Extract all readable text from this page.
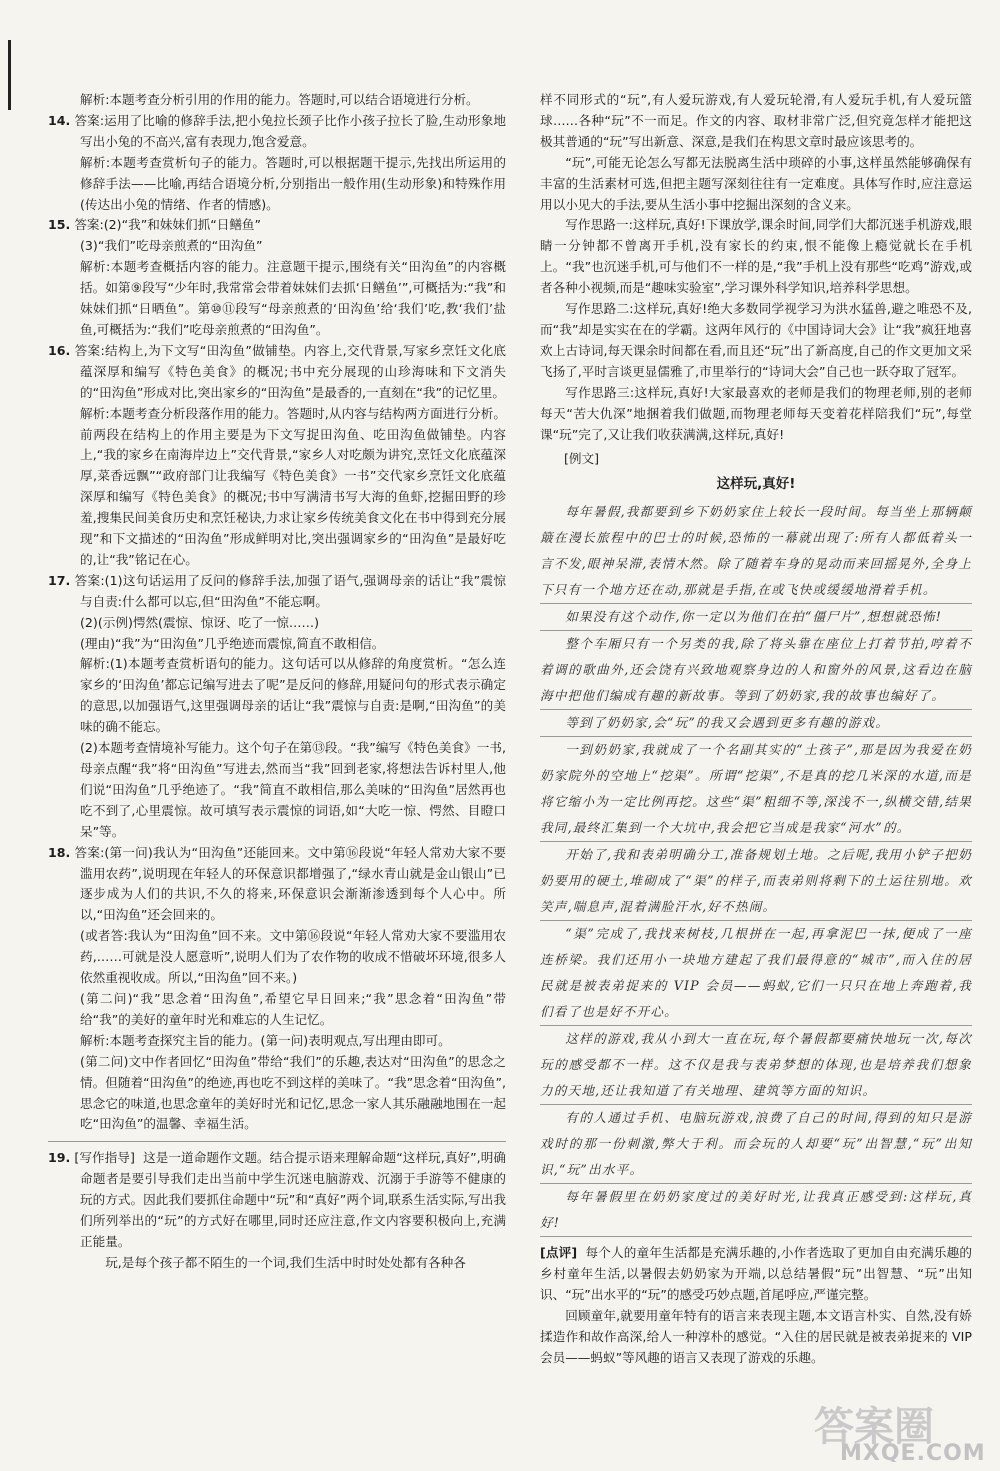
解析:本题考查分析引用的作用的能力。答题时,可以结合语境进行分析。

14. 答案:运用了比喻的修辞手法,把小兔拉长颈子比作小孩子拉长了脸,生动形象地写出小兔的不高兴,富有表现力,饱含爱意。

解析:本题考查赏析句子的能力。答题时,可以根据题干提示,先找出所运用的修辞手法——比喻,再结合语境分析,分别指出一般作用(生动形象)和特殊作用(传达出小兔的情绪、作者的情感)。

15. 答案:(2)“我”和妹妹们抓“日鳝鱼”

(3)“我们”吃母亲煎煮的“田沟鱼”

解析:本题考查概括内容的能力。注意题干提示,围绕有关“田沟鱼”的内容概括。如第⑨段写“少年时,我常常会带着妹妹们去抓‘日鳝鱼’”,可概括为:“我”和妹妹们抓“日晒鱼”。第⑩⑪段写“母亲煎煮的‘田沟鱼’给‘我们’吃,教‘我们’盐鱼,可概括为:“我们”吃母亲煎煮的“田沟鱼”。

16. 答案:结构上,为下文写“田沟鱼”做铺垫。内容上,交代背景,写家乡烹饪文化底蕴深厚和编写《特色美食》的概况;书中充分展现的山珍海味和下文消失的“田沟鱼”形成对比,突出家乡的“田沟鱼”是最香的,一直刻在“我”的记忆里。

解析:本题考查分析段落作用的能力。答题时,从内容与结构两方面进行分析。前两段在结构上的作用主要是为下文写捉田沟鱼、吃田沟鱼做铺垫。内容上,“我的家乡在南海岸边上”交代背景,“家乡人对吃颇为讲究,烹饪文化底蕴深厚,菜香远飘”“政府部门让我编写《特色美食》一书”交代家乡烹饪文化底蕴深厚和编写《特色美食》的概况;书中写满清书写大海的鱼虾,挖掘田野的珍羞,搜集民间美食历史和烹饪秘诀,力求让家乡传统美食文化在书中得到充分展现”和下文描述的“田沟鱼”形成鲜明对比,突出强调家乡的“田沟鱼”是最好吃的,让“我”铭记在心。

17. 答案:(1)这句话运用了反问的修辞手法,加强了语气,强调母亲的话让“我”震惊与自责:什么都可以忘,但“田沟鱼”不能忘啊。

(2)(示例)愕然(震惊、惊讶、吃了一惊……)

(理由)“我”为“田沟鱼”几乎绝迹而震惊,简直不敢相信。

解析:(1)本题考查赏析语句的能力。这句话可以从修辞的角度赏析。“怎么连家乡的‘田沟鱼’都忘记编写进去了呢”是反问的修辞,用疑问句的形式表示确定的意思,以加强语气,这里强调母亲的话让“我”震惊与自责:是啊,“田沟鱼”的美味的确不能忘。

(2)本题考查情境补写能力。这个句子在第⑬段。“我”编写《特色美食》一书,母亲点醒“我”将“田沟鱼”写进去,然而当“我”回到老家,将想法告诉村里人,他们说“田沟鱼”几乎绝迹了。“我”简直不敢相信,那么美味的“田沟鱼”居然再也吃不到了,心里震惊。故可填写表示震惊的词语,如“大吃一惊、愕然、目瞪口呆”等。

18. 答案:(第一问)我认为“田沟鱼”还能回来。文中第⑯段说“年轻人常劝大家不要滥用农药”,说明现在年轻人的环保意识都增强了,“绿水青山就是金山银山”已逐步成为人们的共识,不久的将来,环保意识会渐渐渗透到每个人心中。所以,“田沟鱼”还会回来的。

(或者答:我认为“田沟鱼”回不来。文中第⑯段说“年轻人常劝大家不要滥用农药,……可就是没人愿意听”,说明人们为了农作物的收成不惜破坏环境,很多人依然重视收成。所以,“田沟鱼”回不来。)

(第二问)“我”思念着“田沟鱼”,希望它早日回来;“我”思念着“田沟鱼”带给“我”的美好的童年时光和难忘的人生记忆。

解析:本题考查探究主旨的能力。(第一问)表明观点,写出理由即可。

(第二问)文中作者回忆“田沟鱼”带给“我们”的乐趣,表达对“田沟鱼”的思念之情。但随着“田沟鱼”的绝迹,再也吃不到这样的美味了。“我”思念着“田沟鱼”,思念它的味道,也思念童年的美好时光和记忆,思念一家人其乐融融地围在一起吃“田沟鱼”的温馨、幸福生活。

19. [写作指导] 这是一道命题作文题。结合提示语来理解命题“这样玩,真好”,明确命题者是要引导我们走出当前中学生沉迷电脑游戏、沉溺于手游等不健康的玩的方式。因此我们要抓住命题中“玩”和“真好”两个词,联系生活实际,写出我们所列举出的“玩”的方式好在哪里,同时还应注意,作文内容要积极向上,充满正能量。

玩,是每个孩子都不陌生的一个词,我们生活中时时处处都有各种各

样不同形式的“玩”,有人爱玩游戏,有人爱玩轮滑,有人爱玩手机,有人爱玩篮球……各种“玩”不一而足。作文的内容、取材非常广泛,但究竟怎样才能把这极其普通的“玩”写出新意、深意,是我们在构思文章时最应该思考的。

“玩”,可能无论怎么写都无法脱离生活中琐碎的小事,这样虽然能够确保有丰富的生活素材可选,但把主题写深刻往往有一定难度。具体写作时,应注意运用以小见大的手法,要从生活小事中挖掘出深刻的含义来。

写作思路一:这样玩,真好!下课放学,课余时间,同学们大都沉迷手机游戏,眼睛一分钟都不曾离开手机,没有家长的约束,恨不能像上瘾觉就长在手机上。“我”也沉迷手机,可与他们不一样的是,“我”手机上没有那些“吃鸡”游戏,或者各种小视频,而是“趣味实验室”,学习课外科学知识,培养科学思想。

写作思路二:这样玩,真好!绝大多数同学视学习为洪水猛兽,避之唯恐不及,而“我”却是实实在在的学霸。这两年风行的《中国诗词大会》让“我”疯狂地喜欢上古诗词,每天课余时间都在看,而且还“玩”出了新高度,自己的作文更加文采飞扬了,平时言谈更显儒雅了,市里举行的“诗词大会”自己也一跃夺取了冠军。

写作思路三:这样玩,真好!大家最喜欢的老师是我们的物理老师,别的老师每天“苦大仇深”地捆着我们做题,而物理老师每天变着花样陪我们“玩”,每堂课“玩”完了,又让我们收获满满,这样玩,真好!

[例文]

这样玩,真好!

每年暑假,我都要到乡下奶奶家住上较长一段时间。每当坐上那辆颠簸在漫长旅程中的巴士的时候,恐怖的一幕就出现了:所有人都低着头一言不发,眼神呆滞,表情木然。除了随着车身的晃动而来回摇晃外,全身上下只有一个地方还在动,那就是手指,在或飞快或缓缓地滑着手机。

如果没有这个动作,你一定以为他们在拍“僵尸片”,想想就恐怖!

整个车厢只有一个另类的我,除了将头靠在座位上打着节拍,哼着不着调的歌曲外,还会饶有兴致地观察身边的人和窗外的风景,这看边在脑海中把他们编成有趣的新故事。等到了奶奶家,我的故事也编好了。

等到了奶奶家,会“玩”的我又会遇到更多有趣的游戏。

一到奶奶家,我就成了一个名副其实的“土孩子”,那是因为我爱在奶奶家院外的空地上“挖渠”。所谓“挖渠”,不是真的挖几米深的水道,而是将它缩小为一定比例再挖。这些“渠”粗细不等,深浅不一,纵横交错,结果我同,最终汇集到一个大坑中,我会把它当成是我家“河水”的。

开始了,我和表弟明确分工,准备规划土地。之后呢,我用小铲子把奶奶要用的硬土,堆砌成了“渠”的样子,而表弟则将剩下的土运往别地。欢笑声,喘息声,混着满脸汗水,好不热闹。

“渠”完成了,我找来树枝,几根拼在一起,再拿泥巴一抹,便成了一座连桥梁。我们还用小一块地方建起了我们最得意的“城市”,而入住的居民就是被表弟捉来的 VIP 会员——蚂蚁,它们一只只在地上奔跑着,我们看了也是好不开心。

这样的游戏,我从小到大一直在玩,每个暑假都要痛快地玩一次,每次玩的感受都不一样。这不仅是我与表弟梦想的体现,也是培养我们想象力的天地,还让我知道了有关地理、建筑等方面的知识。

有的人通过手机、电脑玩游戏,浪费了自己的时间,得到的知只是游戏时的那一份刺激,弊大于利。而会玩的人却要“玩”出智慧,“玩”出知识,“玩”出水平。

每年暑假里在奶奶家度过的美好时光,让我真正感受到:这样玩,真好!

[点评] 每个人的童年生活都是充满乐趣的,小作者选取了更加自由充满乐趣的乡村童年生活,以暑假去奶奶家为开端,以总结暑假“玩”出智慧、“玩”出知识、“玩”出水平的“玩”的感受巧妙点题,首尾呼应,严谨完整。

回顾童年,就要用童年特有的语言来表现主题,本文语言朴实、自然,没有娇揉造作和故作高深,给人一种淳朴的感觉。“入住的居民就是被表弟捉来的 VIP 会员——蚂蚁”等风趣的语言又表现了游戏的乐趣。

答案圈
MXQE.COM
